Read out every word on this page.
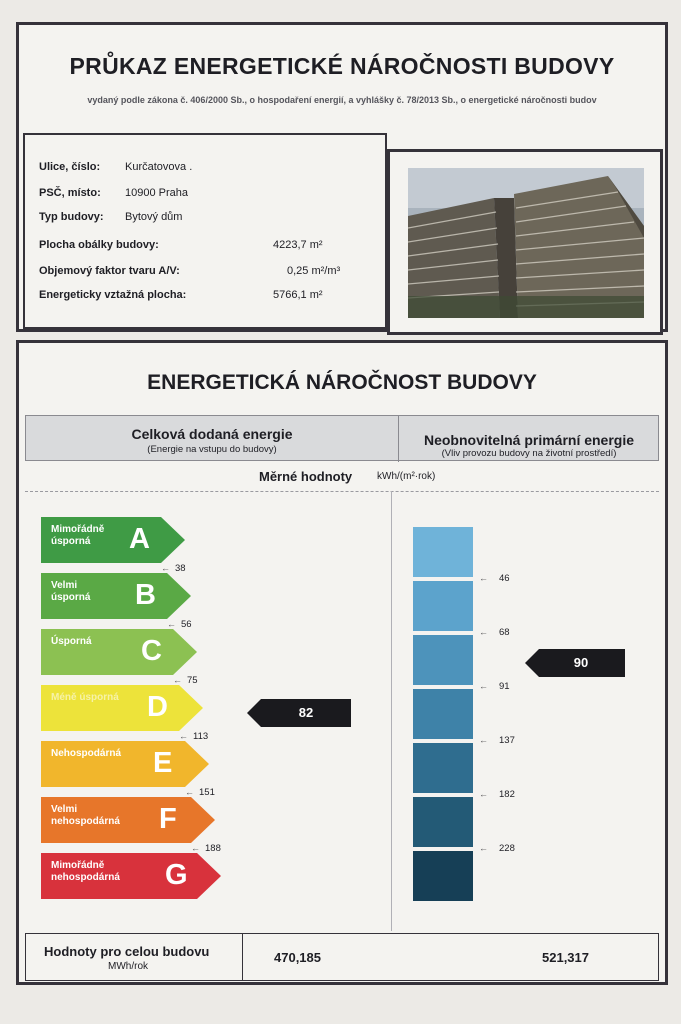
PRŮKAZ ENERGETICKÉ NÁROČNOSTI BUDOVY
vydaný podle zákona č. 406/2000 Sb., o hospodaření energií, a vyhlášky č. 78/2013 Sb., o energetické náročnosti budov
Ulice, číslo: Kurčatovova .
PSČ, místo: 10900 Praha
Typ budovy: Bytový dům
Plocha obálky budovy:	4223,7 m²
Objemový faktor tvaru A/V:	0,25 m²/m³
Energeticky vztažná plocha:	5766,1 m²
ENERGETICKÁ NÁROČNOST BUDOVY
Celková dodaná energie
(Energie na vstupu do budovy)
Neobnovitelná primární energie
(Vliv provozu budovy na životní prostředí)
Měrné hodnoty kWh/(m²·rok)
Mimořádně
úsporná	A
← 38
Velmi
úsporná B
← 56
Úsporná C
← 75
Méně úsporná D
← 113
Nehospodárná E
← 151
Velmi
nehospodárná F
← 188
Mimořádně
nehospodárná G
82
← 46
← 68
← 91
← 137
← 182
← 228
90
Hodnoty pro celou budovu
MWh/rok
470,185	521,317
